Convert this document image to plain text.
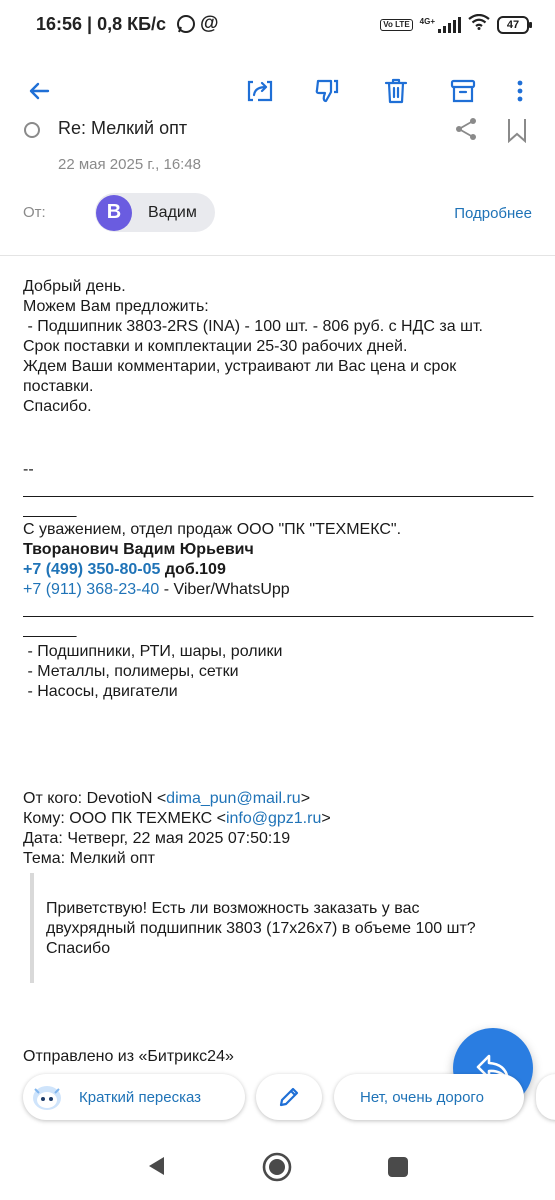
16:56 | 0,8 КБ/с @	Vo LTE	4G+	47
Re: Мелкий опт
22 мая 2025 г., 16:48
От:	В	Вадим	Подробнее
Добрый день.
Можем Вам предложить:
- Подшипник 3803-2RS (INA) - 100 шт. - 806 руб. с НДС за шт.
Срок поставки и комплектации 25-30 рабочих дней.
Ждем Ваши комментарии, устраивают ли Вас цена и срок
поставки.
Спасибо.
--
____________________________________________________________
______
С уважением, отдел продаж ООО "ПК "ТЕХМЕКС".
Творанович Вадим Юрьевич
+7 (499) 350-80-05 доб.109
+7 (911) 368-23-40 - Viber/WhatsUpp
____________________________________________________________
______
- Подшипники, РТИ, шары, ролики
- Металлы, полимеры, сетки
- Насосы, двигатели
От кого: DevotioN <dima_pun@mail.ru>
Кому: ООО ПК ТЕХМЕКС <info@gpz1.ru>
Дата: Четверг, 22 мая 2025 07:50:19
Тема: Мелкий опт
Приветствую! Есть ли возможность заказать у вас
двухрядный подшипник 3803 (17х26х7) в объеме 100 шт?
Спасибо
Отправлено из «Битрикс24»
Краткий пересказ	Нет, очень дорого
